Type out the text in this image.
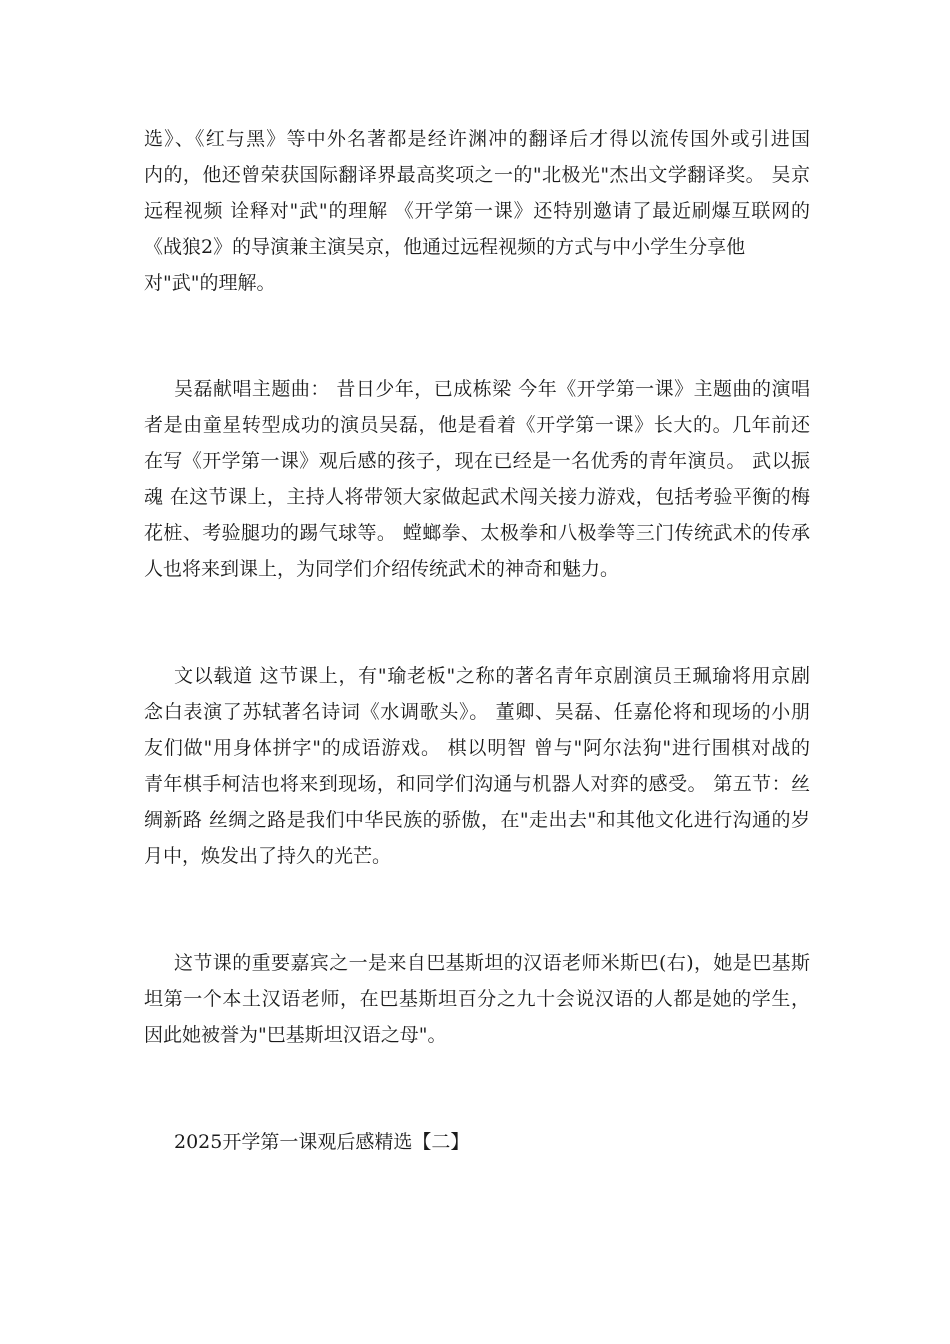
选》、《红与黑》等中外名著都是经许渊冲的翻译后才得以流传国外或引进国
内的，他还曾荣获国际翻译界最高奖项之一的"北极光"杰出文学翻译奖。 吴京
远程视频 诠释对"武"的理解 《开学第一课》还特别邀请了最近刷爆互联网的
《战狼2》的导演兼主演吴京，他通过远程视频的方式与中小学生分享他
对"武"的理解。
吴磊献唱主题曲： 昔日少年，已成栋梁 今年《开学第一课》主题曲的演唱
者是由童星转型成功的演员吴磊，他是看着《开学第一课》长大的。几年前还
在写《开学第一课》观后感的孩子，现在已经是一名优秀的青年演员。 武以振
魂 在这节课上，主持人将带领大家做起武术闯关接力游戏，包括考验平衡的梅
花桩、考验腿功的踢气球等。 螳螂拳、太极拳和八极拳等三门传统武术的传承
人也将来到课上，为同学们介绍传统武术的神奇和魅力。
文以载道 这节课上，有"瑜老板"之称的著名青年京剧演员王珮瑜将用京剧
念白表演了苏轼著名诗词《水调歌头》。 董卿、吴磊、任嘉伦将和现场的小朋
友们做"用身体拼字"的成语游戏。 棋以明智 曾与"阿尔法狗"进行围棋对战的
青年棋手柯洁也将来到现场，和同学们沟通与机器人对弈的感受。 第五节：丝
绸新路 丝绸之路是我们中华民族的骄傲，在"走出去"和其他文化进行沟通的岁
月中，焕发出了持久的光芒。
这节课的重要嘉宾之一是来自巴基斯坦的汉语老师米斯巴(右)，她是巴基斯
坦第一个本土汉语老师，在巴基斯坦百分之九十会说汉语的人都是她的学生，
因此她被誉为"巴基斯坦汉语之母"。
2025开学第一课观后感精选【二】
